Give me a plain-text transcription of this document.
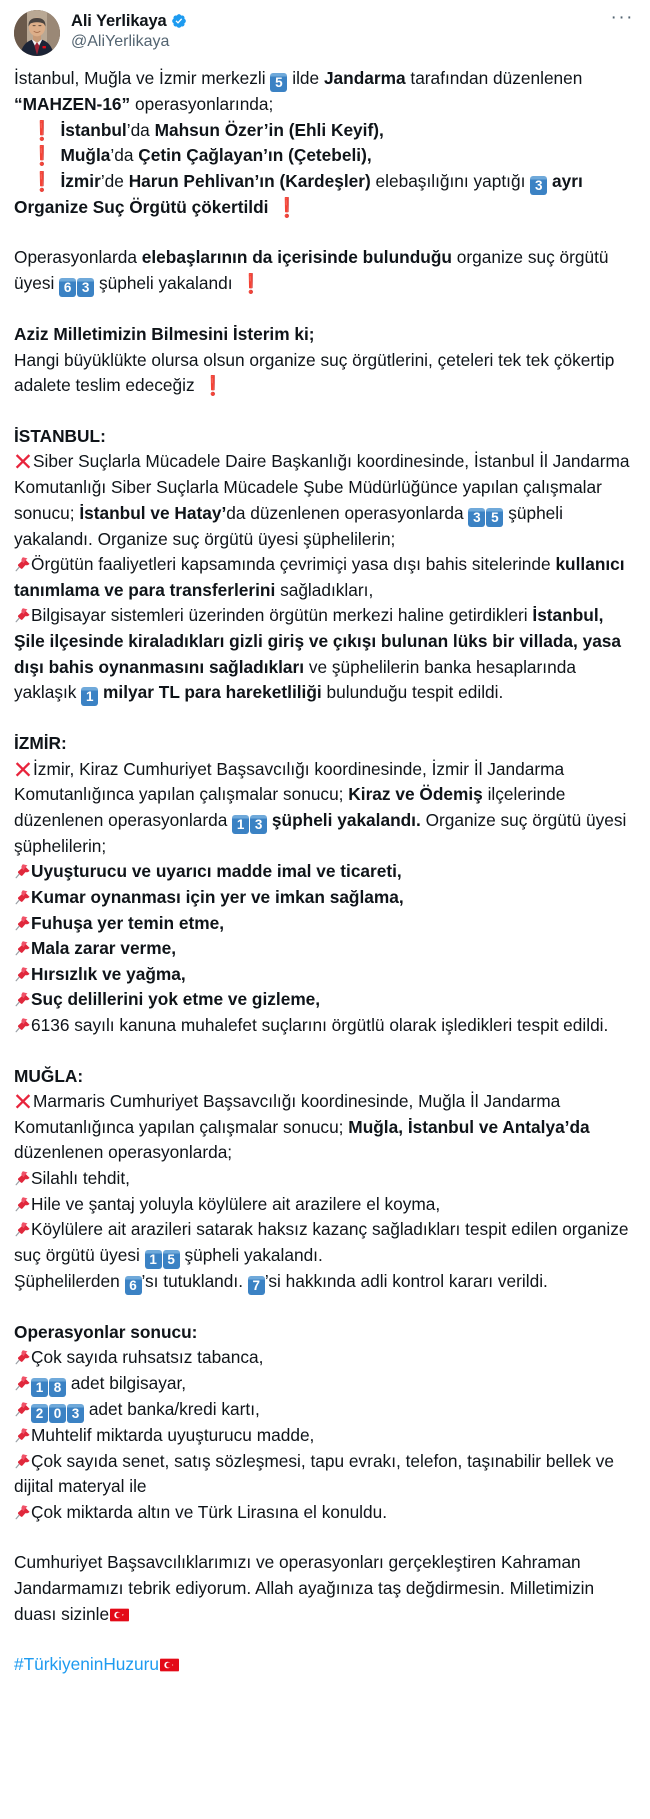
Ali Yerlikaya
@AliYerlikaya
···
İstanbul, Muğla ve İzmir merkezli 5 ilde Jandarma tarafından düzenlenen “MAHZEN-16” operasyonlarında;
❗ İstanbul’da Mahsun Özer’in (Ehli Keyif),
❗ Muğla’da Çetin Çağlayan’ın (Çetebeli),
❗ İzmir’de Harun Pehlivan’ın (Kardeşler) elebaşılığını yaptığı 3 ayrı
Organize Suç Örgütü çökertildi ❗
Operasyonlarda elebaşlarının da içerisinde bulunduğu organize suç örgütü üyesi 6 3 şüpheli yakalandı ❗
Aziz Milletimizin Bilmesini İsterim ki;
Hangi büyüklükte olursa olsun organize suç örgütlerini, çeteleri tek tek çökertip adalete teslim edeceğiz ❗
İSTANBUL:
Siber Suçlarla Mücadele Daire Başkanlığı koordinesinde, İstanbul İl Jandarma Komutanlığı Siber Suçlarla Mücadele Şube Müdürlüğünce yapılan çalışmalar sonucu; İstanbul ve Hatay’da düzenlenen operasyonlarda 3 5 şüpheli yakalandı. Organize suç örgütü üyesi şüphelilerin;
Örgütün faaliyetleri kapsamında çevrimiçi yasa dışı bahis sitelerinde kullanıcı tanımlama ve para transferlerini sağladıkları,
Bilgisayar sistemleri üzerinden örgütün merkezi haline getirdikleri İstanbul, Şile ilçesinde kiraladıkları gizli giriş ve çıkışı bulunan lüks bir villada, yasa dışı bahis oynanmasını sağladıkları ve şüphelilerin banka hesaplarında yaklaşık 1 milyar TL para hareketliliği bulunduğu tespit edildi.
İZMİR:
İzmir, Kiraz Cumhuriyet Başsavcılığı koordinesinde, İzmir İl Jandarma Komutanlığınca yapılan çalışmalar sonucu; Kiraz ve Ödemiş ilçelerinde düzenlenen operasyonlarda 1 3 şüpheli yakalandı. Organize suç örgütü üyesi şüphelilerin;
Uyuşturucu ve uyarıcı madde imal ve ticareti,
Kumar oynanması için yer ve imkan sağlama,
Fuhuşa yer temin etme,
Mala zarar verme,
Hırsızlık ve yağma,
Suç delillerini yok etme ve gizleme,
6136 sayılı kanuna muhalefet suçlarını örgütlü olarak işledikleri tespit edildi.
MUĞLA:
Marmaris Cumhuriyet Başsavcılığı koordinesinde, Muğla İl Jandarma Komutanlığınca yapılan çalışmalar sonucu; Muğla, İstanbul ve Antalya’da düzenlenen operasyonlarda;
Silahlı tehdit,
Hile ve şantaj yoluyla köylülere ait arazilere el koyma,
Köylülere ait arazileri satarak haksız kazanç sağladıkları tespit edilen organize suç örgütü üyesi 1 5 şüpheli yakalandı.
Şüphelilerden 6 ’sı tutuklandı. 7 ’si hakkında adli kontrol kararı verildi.
Operasyonlar sonucu:
Çok sayıda ruhsatsız tabanca,
1 8 adet bilgisayar,
2 0 3 adet banka/kredi kartı,
Muhtelif miktarda uyuşturucu madde,
Çok sayıda senet, satış sözleşmesi, tapu evrakı, telefon, taşınabilir bellek ve dijital materyal ile
Çok miktarda altın ve Türk Lirasına el konuldu.
Cumhuriyet Başsavcılıklarımızı ve operasyonları gerçekleştiren Kahraman Jandarmamızı tebrik ediyorum. Allah ayağınıza taş değdirmesin. Milletimizin duası sizinle
#TürkiyeninHuzuru
